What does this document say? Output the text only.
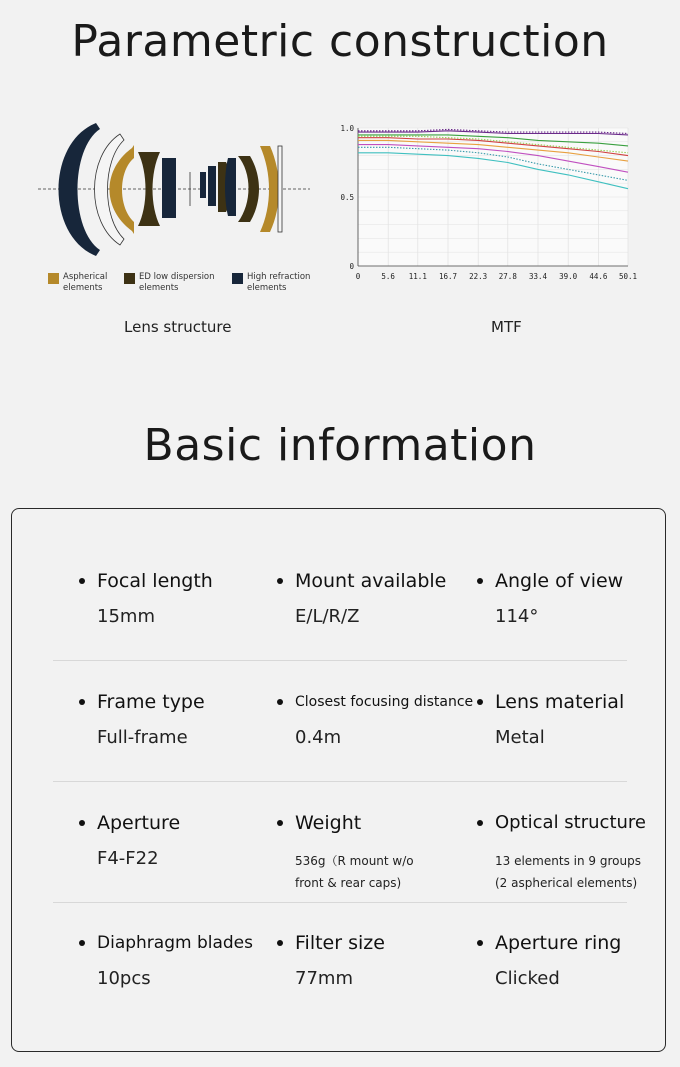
Parametric construction
Aspherical
elements
ED low dispersion
elements
High refraction
elements
Lens structure
0	5.6 11.1 16.7 22.3 27.8 33.4 39.0 44.6 50.1
0
0.5
1.0
MTF
Basic information
Focal length
15mm
Mount available
E/L/R/Z
Angle of view
114°
Frame type
Full-frame
Closest focusing distance
0.4m
Lens material
Metal
Aperture
F4-F22
Weight
536g（R mount w/o front & rear caps)
Optical structure
13 elements in 9 groups (2 aspherical elements)
Diaphragm blades
10pcs
Filter size
77mm
Aperture ring
Clicked
